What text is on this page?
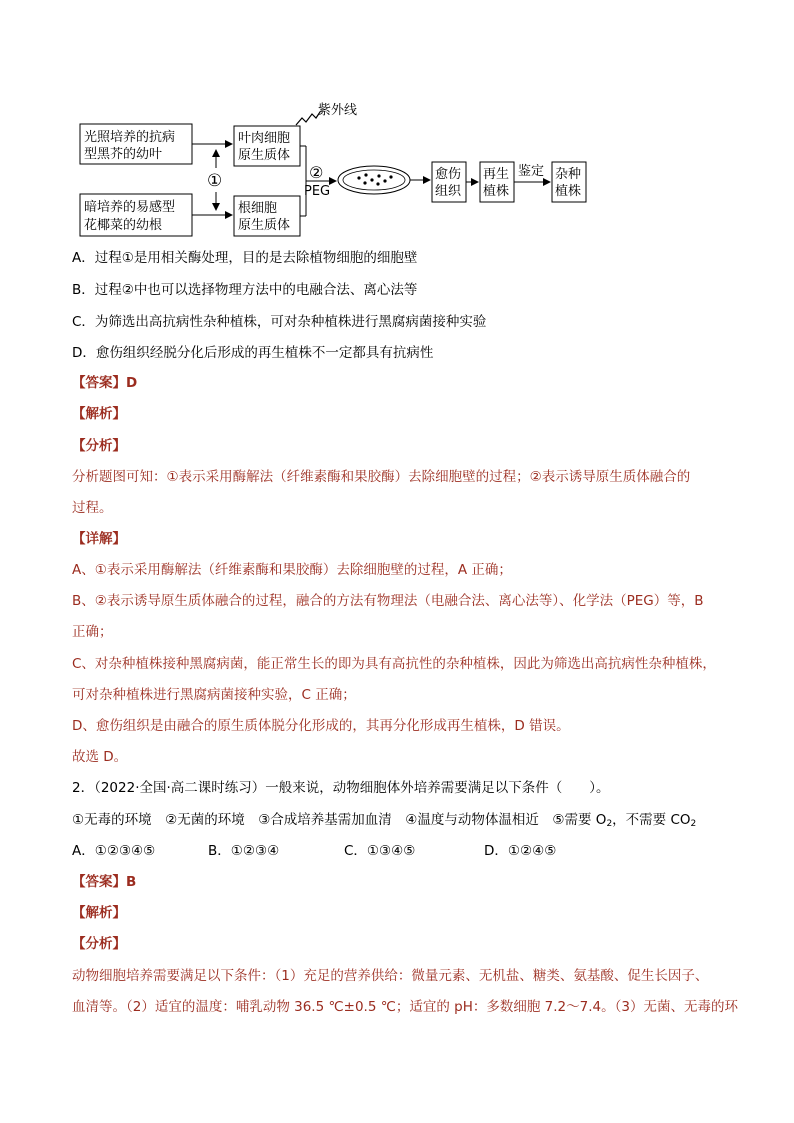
紫外线
光照培养的抗病
型黑芥的幼叶
暗培养的易感型
花椰菜的幼根
①
叶肉细胞
原生质体
根细胞
原生质体
②
PEG
愈伤
组织
再生
植株
鉴定 杂种
植株
A．过程①是用相关酶处理，目的是去除植物细胞的细胞壁
B．过程②中也可以选择物理方法中的电融合法、离心法等
C．为筛选出高抗病性杂种植株，可对杂种植株进行黑腐病菌接种实验
D．愈伤组织经脱分化后形成的再生植株不一定都具有抗病性
【答案】D
【解析】
【分析】
分析题图可知：①表示采用酶解法（纤维素酶和果胶酶）去除细胞壁的过程；②表示诱导原生质体融合的
过程。
【详解】
A、①表示采用酶解法（纤维素酶和果胶酶）去除细胞壁的过程，A 正确；
B、②表示诱导原生质体融合的过程，融合的方法有物理法（电融合法、离心法等）、化学法（PEG）等，B
正确；
C、对杂种植株接种黑腐病菌，能正常生长的即为具有高抗性的杂种植株，因此为筛选出高抗病性杂种植株，
可对杂种植株进行黑腐病菌接种实验，C 正确；
D、愈伤组织是由融合的原生质体脱分化形成的，其再分化形成再生植株，D 错误。
故选 D。
2．（2022·全国·高二课时练习）一般来说，动物细胞体外培养需要满足以下条件（　　）。
①无毒的环境　②无菌的环境　③合成培养基需加血清　④温度与动物体温相近　⑤需要 $O_2$，不需要 $CO_2$
A．①②③④⑤	B．①②③④	C．①③④⑤	D．①②④⑤
【答案】B
【解析】
【分析】
动物细胞培养需要满足以下条件：（1）充足的营养供给：微量元素、无机盐、糖类、氨基酸、促生长因子、
血清等。（2）适宜的温度：哺乳动物 36.5 ℃±0.5 ℃；适宜的 pH：多数细胞 7.2～7.4。（3）无菌、无毒的环
